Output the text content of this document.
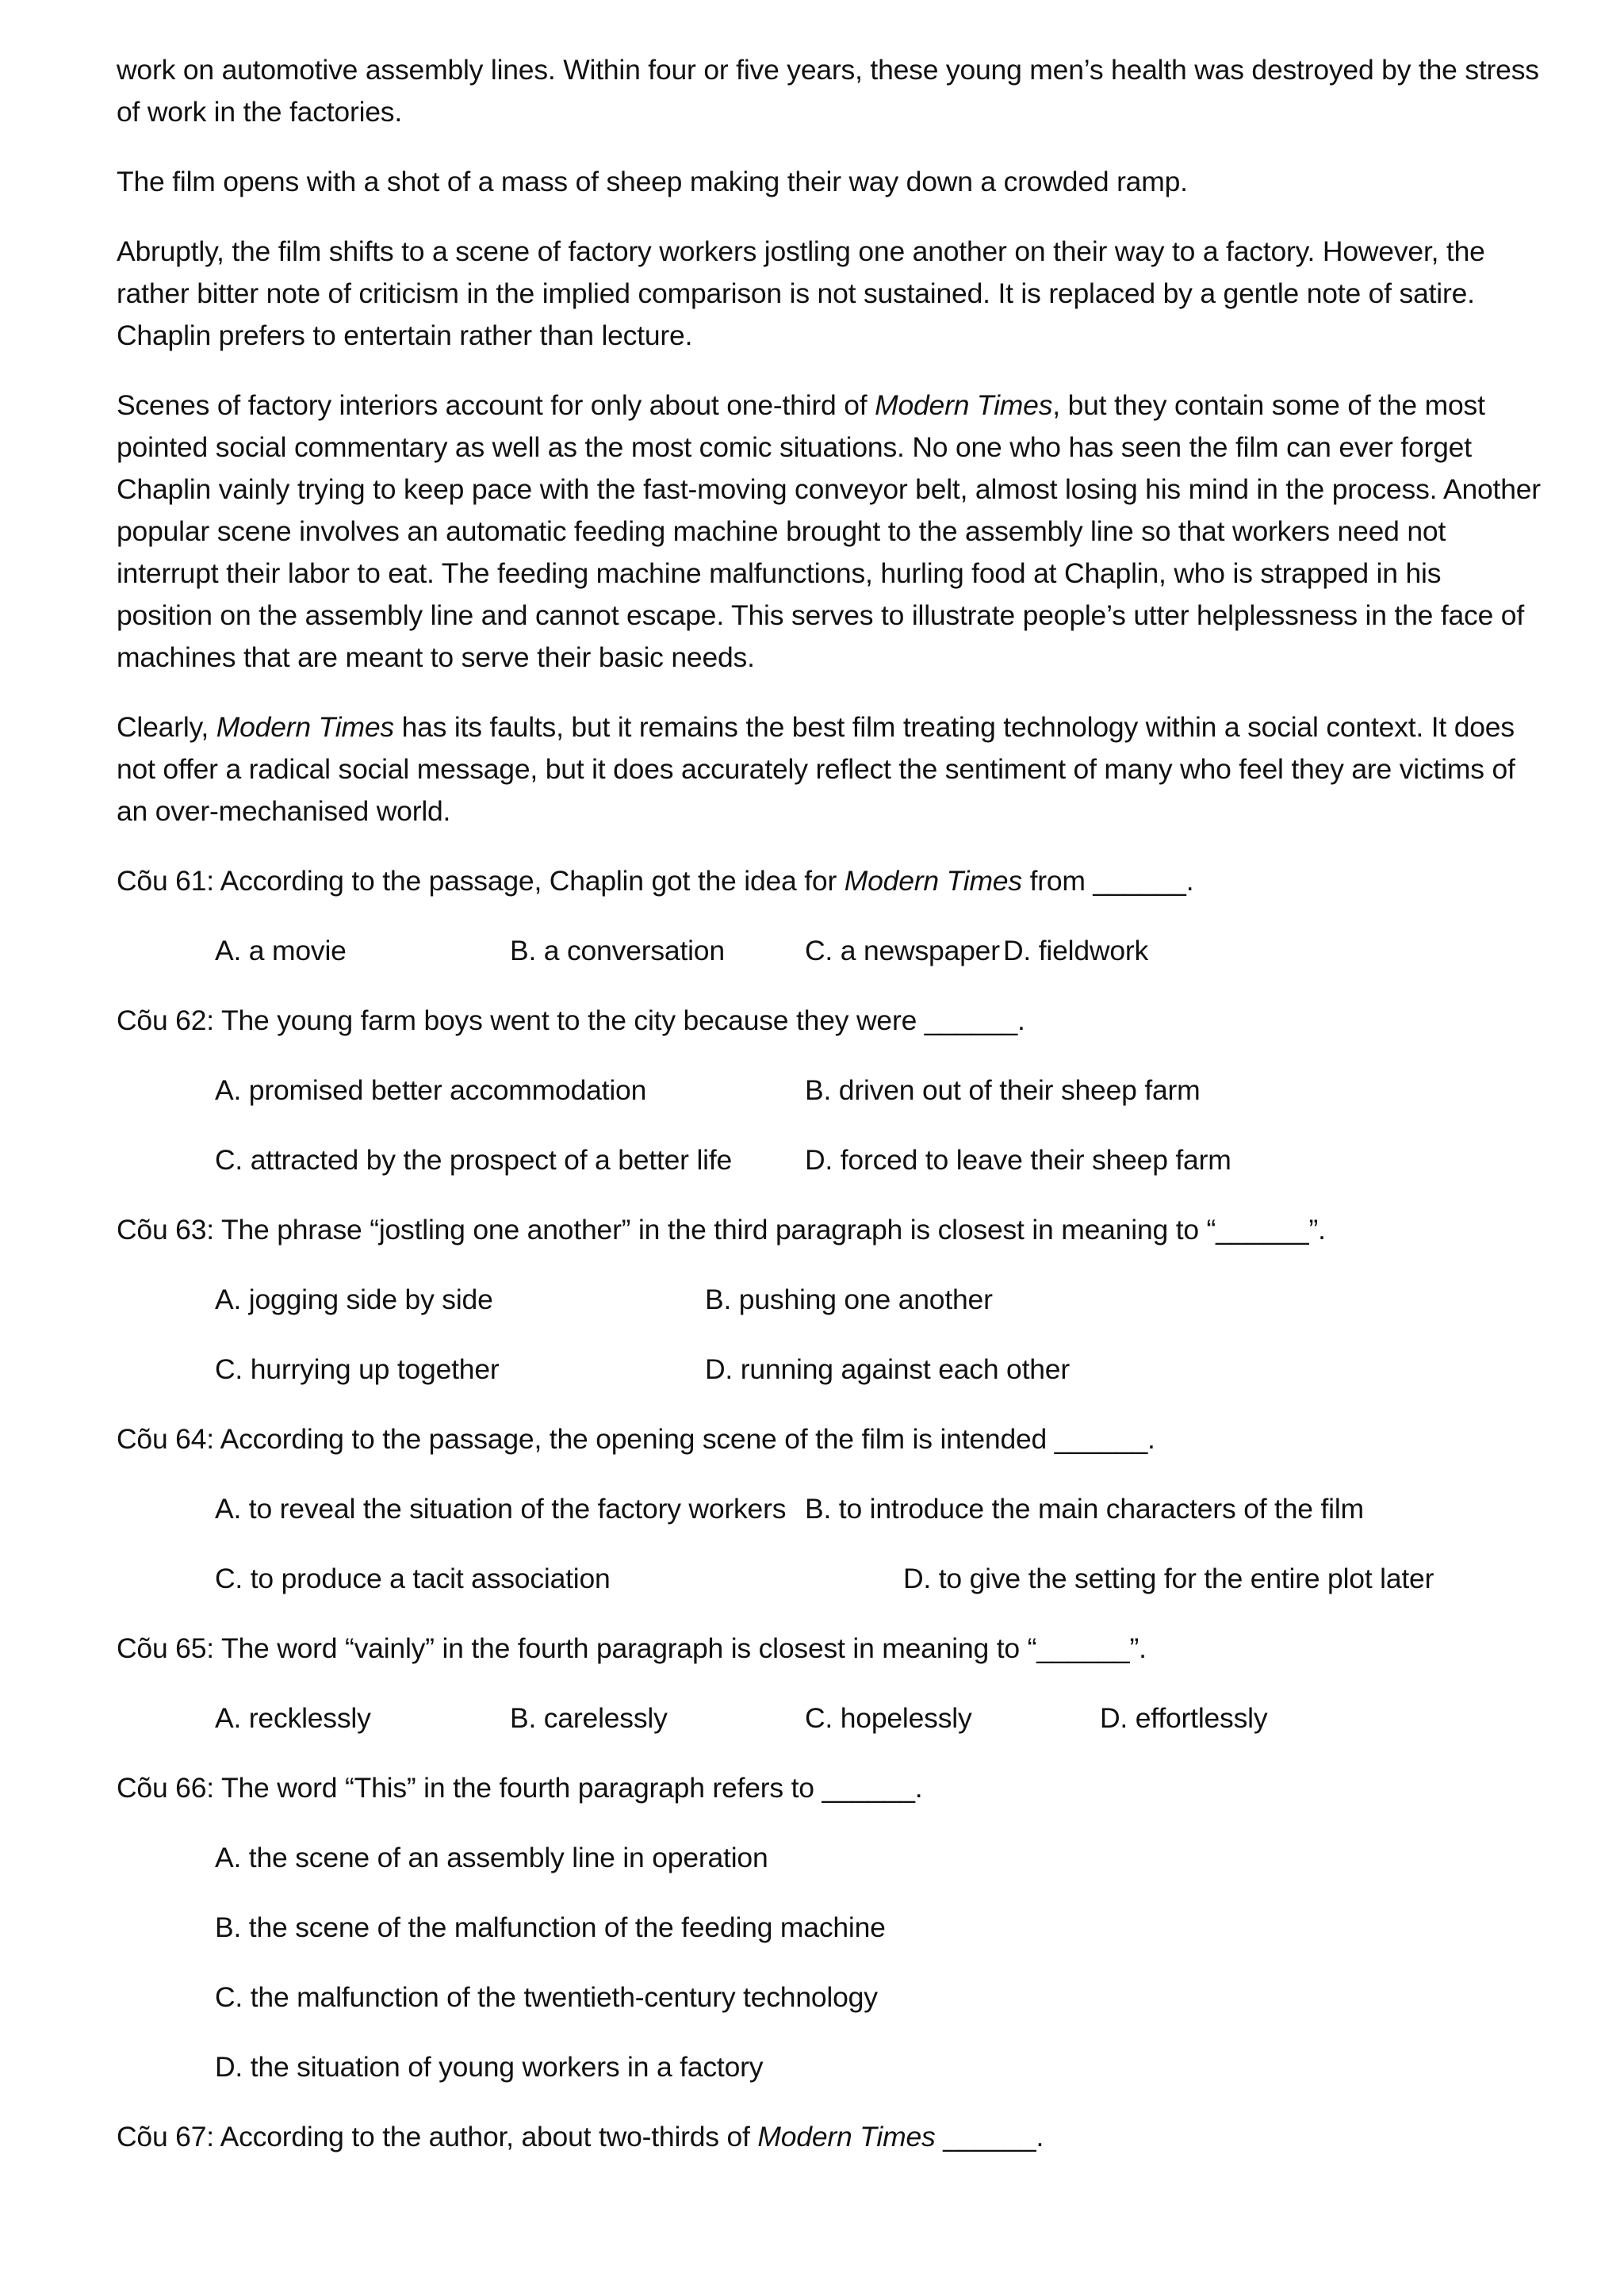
work on automotive assembly lines. Within four or five years, these young men’s health was destroyed by the stress of work in the factories.

The film opens with a shot of a mass of sheep making their way down a crowded ramp.

Abruptly, the film shifts to a scene of factory workers jostling one another on their way to a factory. However, the rather bitter note of criticism in the implied comparison is not sustained. It is replaced by a gentle note of satire. Chaplin prefers to entertain rather than lecture.

Scenes of factory interiors account for only about one-third of Modern Times, but they contain some of the most pointed social commentary as well as the most comic situations. No one who has seen the film can ever forget Chaplin vainly trying to keep pace with the fast-moving conveyor belt, almost losing his mind in the process. Another popular scene involves an automatic feeding machine brought to the assembly line so that workers need not interrupt their labor to eat. The feeding machine malfunctions, hurling food at Chaplin, who is strapped in his position on the assembly line and cannot escape. This serves to illustrate people’s utter helplessness in the face of machines that are meant to serve their basic needs.

Clearly, Modern Times has its faults, but it remains the best film treating technology within a social context. It does not offer a radical social message, but it does accurately reflect the sentiment of many who feel they are victims of an over-mechanised world.

Cõu 61: According to the passage, Chaplin got the idea for Modern Times from ______.
A. a movie	B. a conversation	C. a newspaper D. fieldwork
Cõu 62: The young farm boys went to the city because they were ______.
A. promised better accommodation	B. driven out of their sheep farm
C. attracted by the prospect of a better life	D. forced to leave their sheep farm
Cõu 63: The phrase “jostling one another” in the third paragraph is closest in meaning to “______”.
A. jogging side by side	B. pushing one another
C. hurrying up together	D. running against each other
Cõu 64: According to the passage, the opening scene of the film is intended ______.
A. to reveal the situation of the factory workers B. to introduce the main characters of the film
C. to produce a tacit association	D. to give the setting for the entire plot later
Cõu 65: The word “vainly” in the fourth paragraph is closest in meaning to “______”.
A. recklessly	B. carelessly	C. hopelessly	D. effortlessly
Cõu 66: The word “This” in the fourth paragraph refers to ______.
A. the scene of an assembly line in operation
B. the scene of the malfunction of the feeding machine
C. the malfunction of the twentieth-century technology
D. the situation of young workers in a factory
Cõu 67: According to the author, about two-thirds of Modern Times ______.
